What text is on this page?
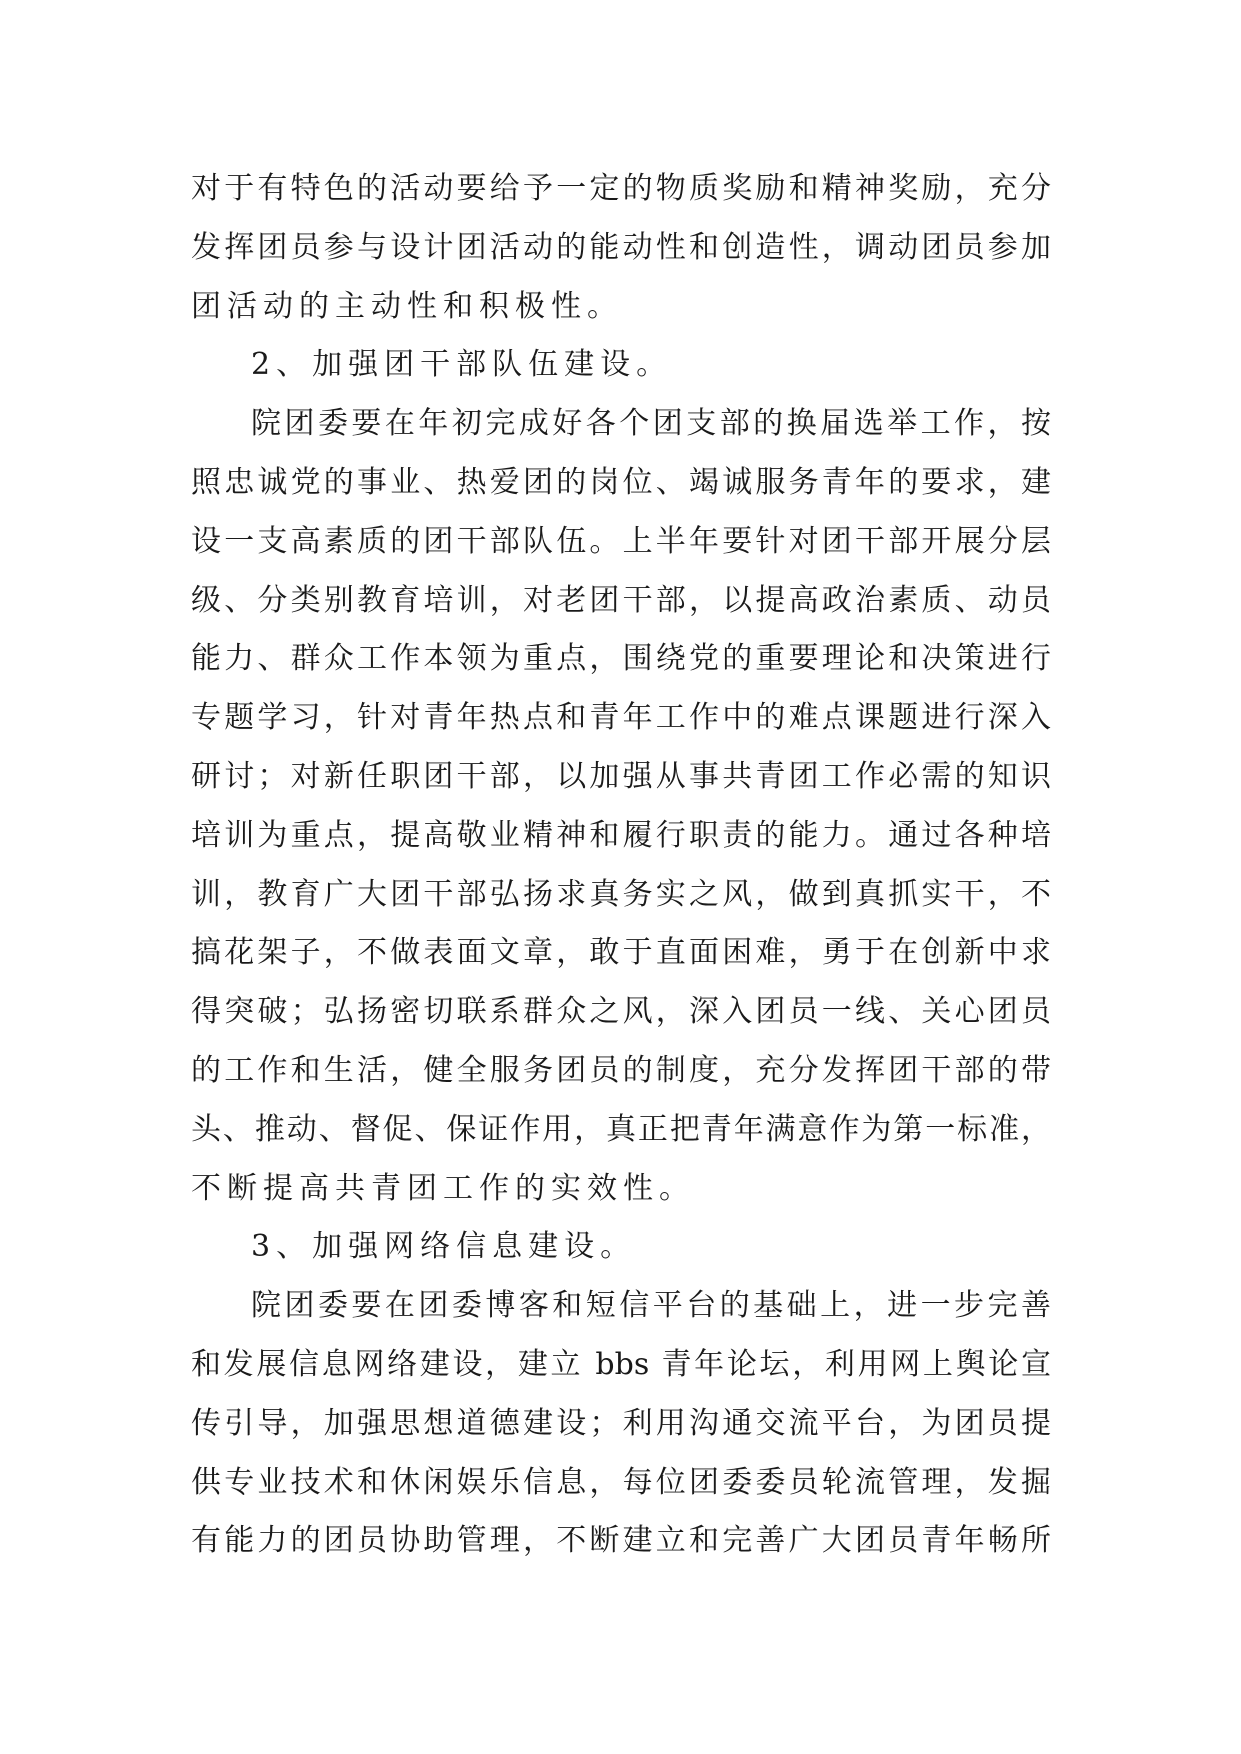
对于有特色的活动要给予一定的物质奖励和精神奖励，充分

发挥团员参与设计团活动的能动性和创造性，调动团员参加

团活动的主动性和积极性。

2、加强团干部队伍建设。

院团委要在年初完成好各个团支部的换届选举工作，按

照忠诚党的事业、热爱团的岗位、竭诚服务青年的要求，建

设一支高素质的团干部队伍。上半年要针对团干部开展分层

级、分类别教育培训，对老团干部，以提高政治素质、动员

能力、群众工作本领为重点，围绕党的重要理论和决策进行

专题学习，针对青年热点和青年工作中的难点课题进行深入

研讨；对新任职团干部，以加强从事共青团工作必需的知识

培训为重点，提高敬业精神和履行职责的能力。通过各种培

训，教育广大团干部弘扬求真务实之风，做到真抓实干，不

搞花架子，不做表面文章，敢于直面困难，勇于在创新中求

得突破；弘扬密切联系群众之风，深入团员一线、关心团员

的工作和生活，健全服务团员的制度，充分发挥团干部的带

头、推动、督促、保证作用，真正把青年满意作为第一标准，

不断提高共青团工作的实效性。

3、加强网络信息建设。

院团委要在团委博客和短信平台的基础上，进一步完善

和发展信息网络建设，建立 bbs 青年论坛，利用网上舆论宣

传引导，加强思想道德建设；利用沟通交流平台，为团员提

供专业技术和休闲娱乐信息，每位团委委员轮流管理，发掘

有能力的团员协助管理，不断建立和完善广大团员青年畅所
